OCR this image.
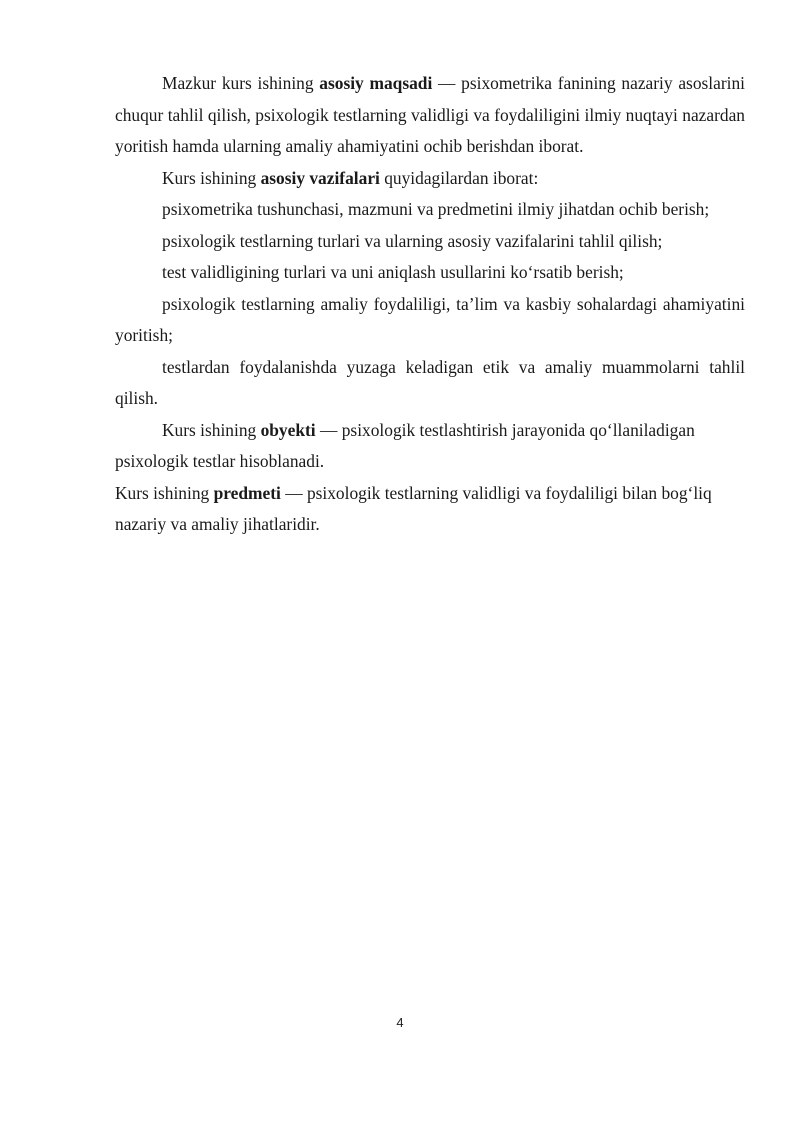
Mazkur kurs ishining asosiy maqsadi — psixometrika fanining nazariy asoslarini chuqur tahlil qilish, psixologik testlarning validligi va foydaliligini ilmiy nuqtayi nazardan yoritish hamda ularning amaliy ahamiyatini ochib berishdan iborat.

Kurs ishining asosiy vazifalari quyidagilardan iborat:

psixometrika tushunchasi, mazmuni va predmetini ilmiy jihatdan ochib berish;

psixologik testlarning turlari va ularning asosiy vazifalarini tahlil qilish;

test validligining turlari va uni aniqlash usullarini ko‘rsatib berish;

psixologik testlarning amaliy foydaliligi, ta’lim va kasbiy sohalardagi ahamiyatini yoritish;

testlardan foydalanishda yuzaga keladigan etik va amaliy muammolarni tahlil qilish.

Kurs ishining obyekti — psixologik testlashtirish jarayonida qo‘llaniladigan psixologik testlar hisoblanadi.

Kurs ishining predmeti — psixologik testlarning validligi va foydaliligi bilan bog‘liq nazariy va amaliy jihatlaridir.

4
